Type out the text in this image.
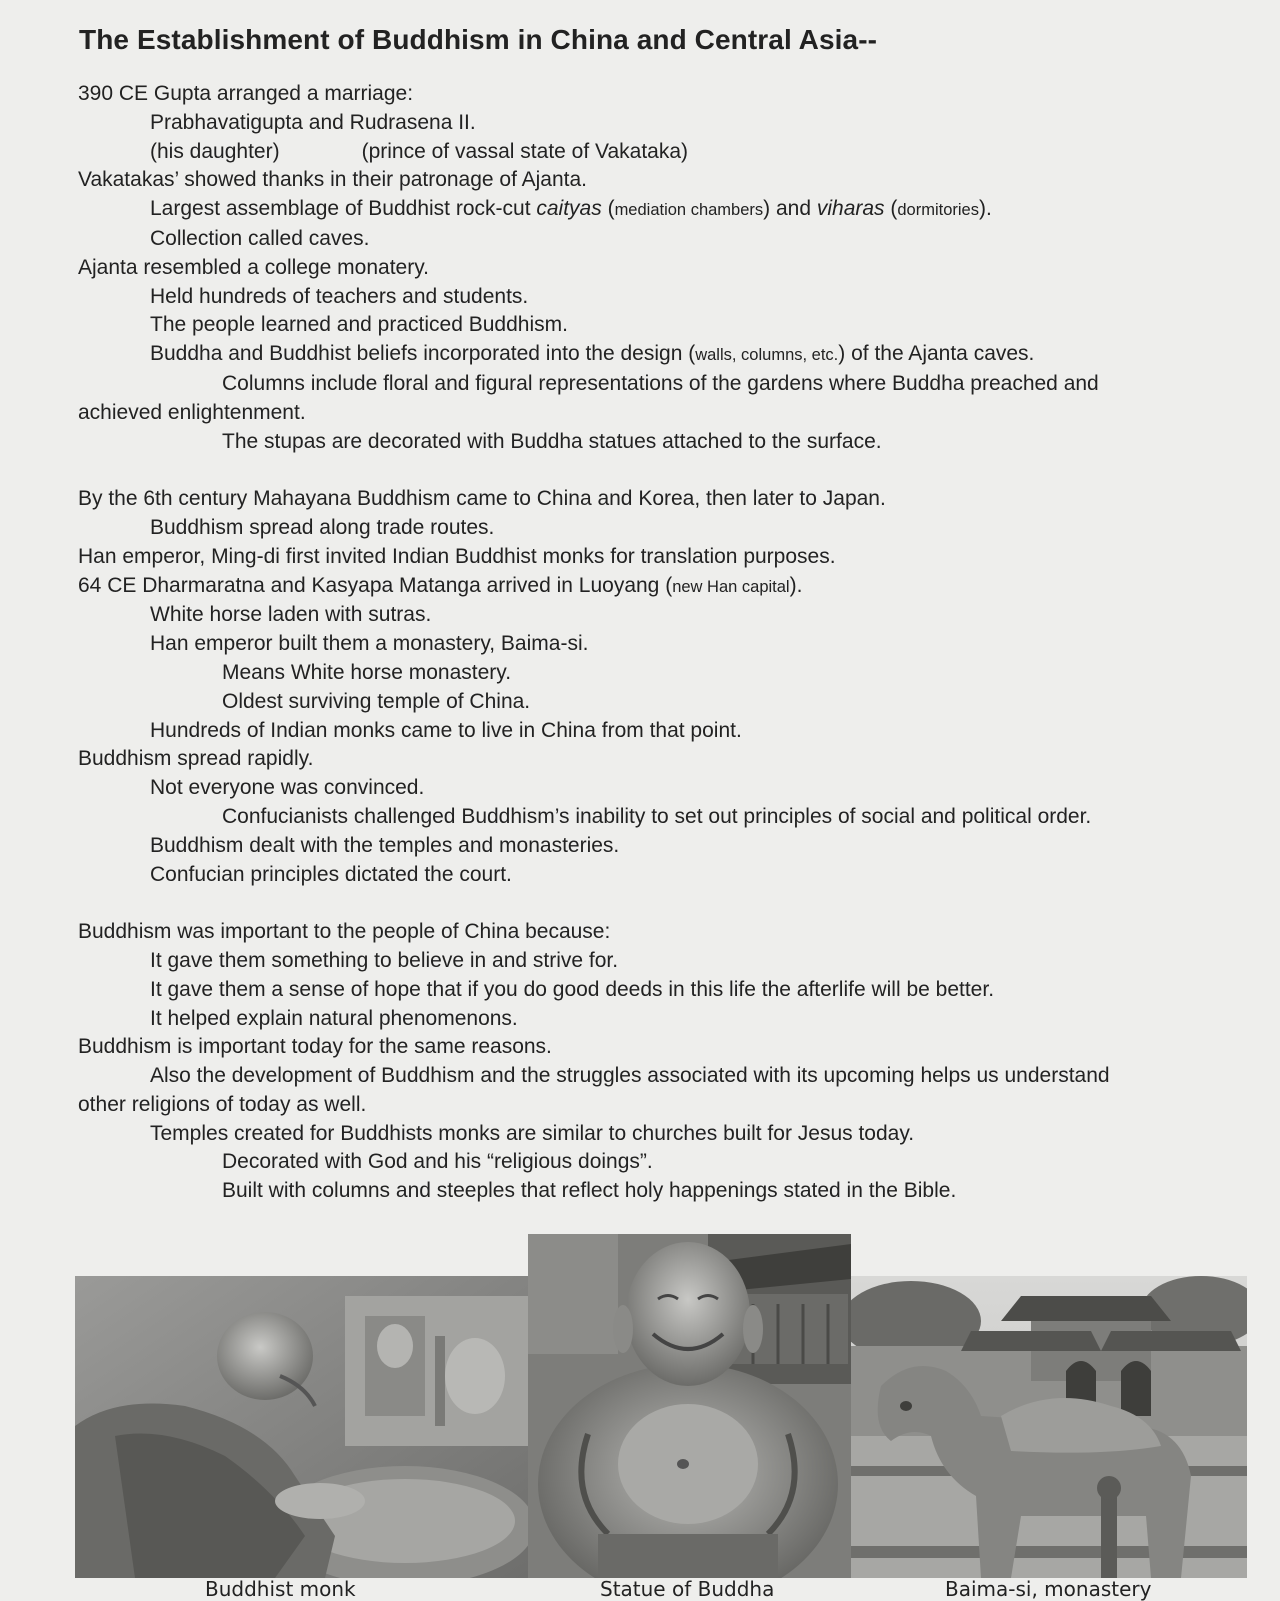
The Establishment of Buddhism in China and Central Asia--
390 CE Gupta arranged a marriage:
Prabhavatigupta and Rudrasena II.
(his daughter)	(prince of vassal state of Vakataka)
Vakatakas’ showed thanks in their patronage of Ajanta.
Largest assemblage of Buddhist rock-cut caityas (mediation chambers) and viharas (dormitories).
Collection called caves.
Ajanta resembled a college monatery.
Held hundreds of teachers and students.
The people learned and practiced Buddhism.
Buddha and Buddhist beliefs incorporated into the design (walls, columns, etc.) of the Ajanta caves.
Columns include floral and figural representations of the gardens where Buddha preached and
achieved enlightenment.
The stupas are decorated with Buddha statues attached to the surface.
By the 6th century Mahayana Buddhism came to China and Korea, then later to Japan.
Buddhism spread along trade routes.
Han emperor, Ming-di first invited Indian Buddhist monks for translation purposes.
64 CE Dharmaratna and Kasyapa Matanga arrived in Luoyang (new Han capital).
White horse laden with sutras.
Han emperor built them a monastery, Baima-si.
Means White horse monastery.
Oldest surviving temple of China.
Hundreds of Indian monks came to live in China from that point.
Buddhism spread rapidly.
Not everyone was convinced.
Confucianists challenged Buddhism’s inability to set out principles of social and political order.
Buddhism dealt with the temples and monasteries.
Confucian principles dictated the court.
Buddhism was important to the people of China because:
It gave them something to believe in and strive for.
It gave them a sense of hope that if you do good deeds in this life the afterlife will be better.
It helped explain natural phenomenons.
Buddhism is important today for the same reasons.
Also the development of Buddhism and the struggles associated with its upcoming helps us understand
other religions of today as well.
Temples created for Buddhists monks are similar to churches built for Jesus today.
Decorated with God and his “religious doings”.
Built with columns and steeples that reflect holy happenings stated in the Bible.
Buddhist monk	Statue of Buddha	Baima-si, monastery
